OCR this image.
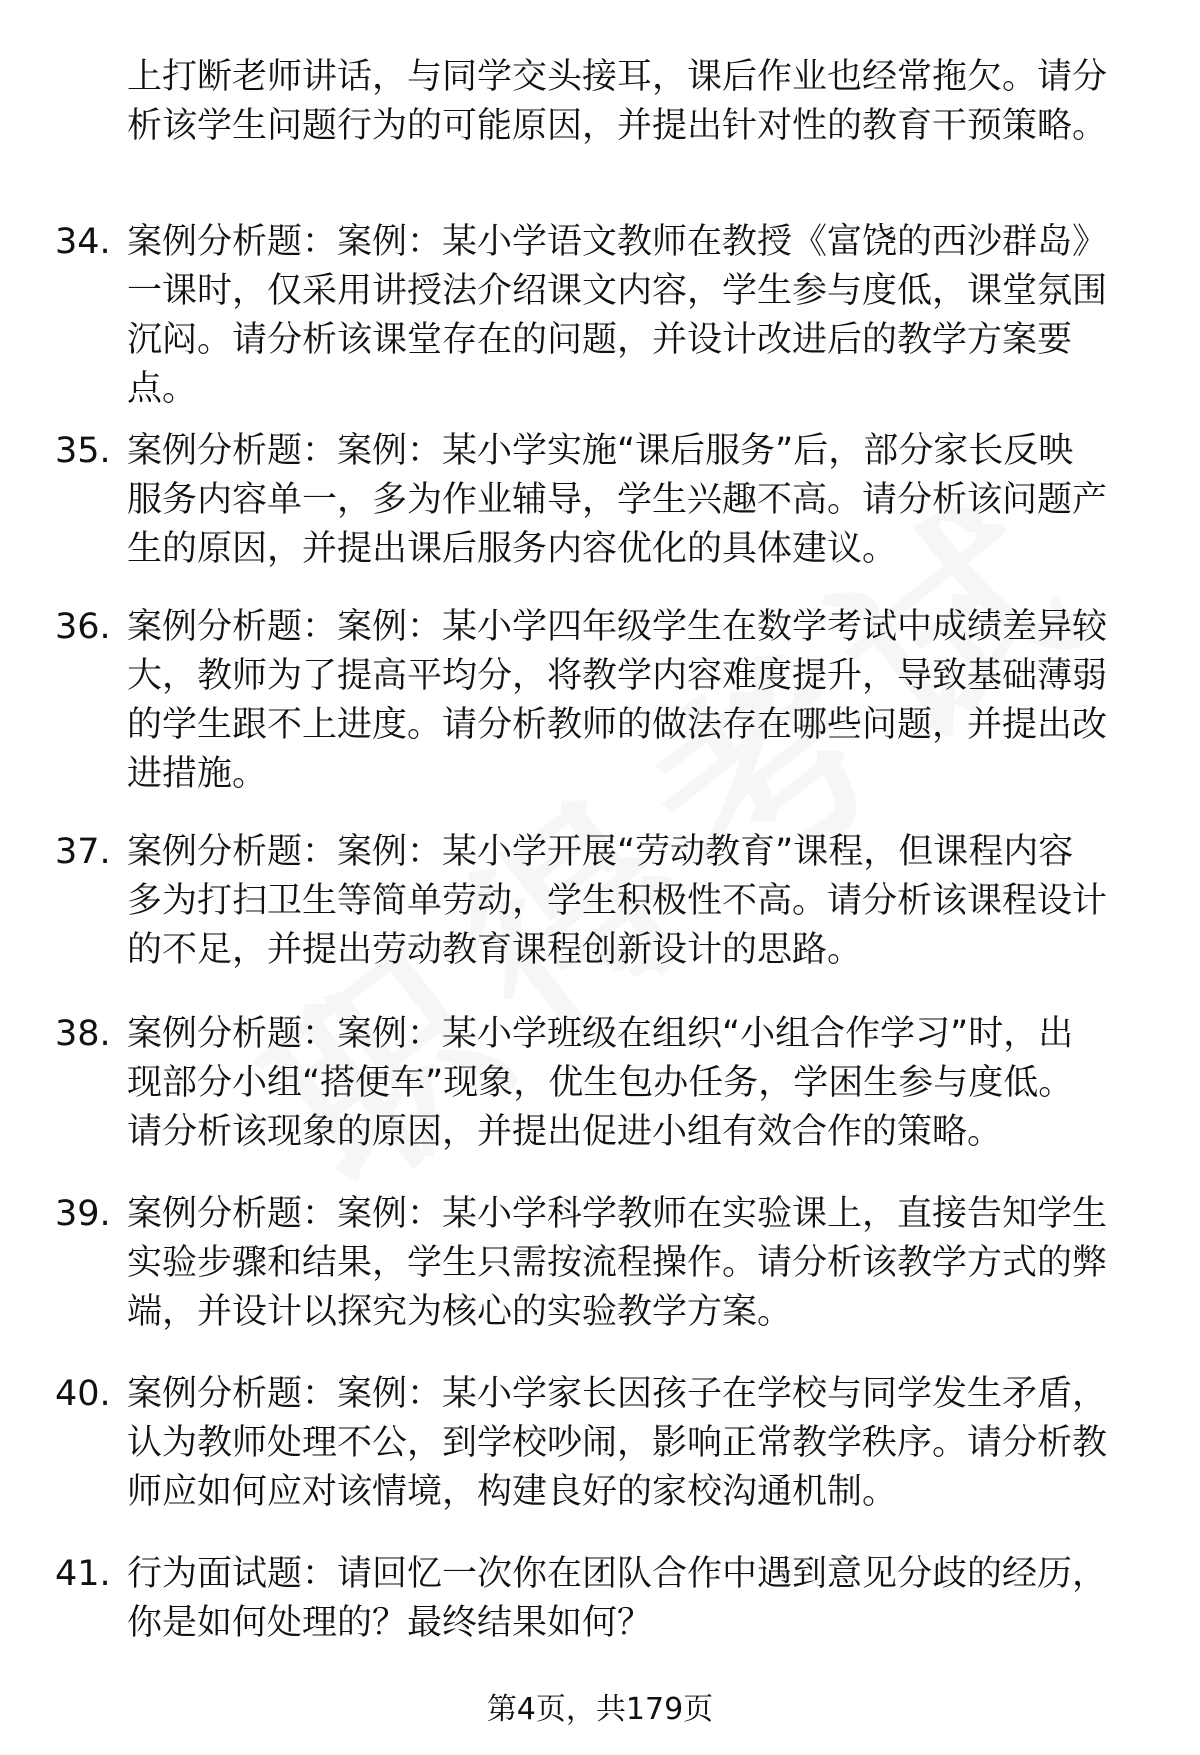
上打断老师讲话，与同学交头接耳，课后作业也经常拖欠。请分
析该学生问题行为的可能原因，并提出针对性的教育干预策略。
34. 案例分析题：案例：某小学语文教师在教授《富饶的西沙群岛》
一课时，仅采用讲授法介绍课文内容，学生参与度低，课堂氛围
沉闷。请分析该课堂存在的问题，并设计改进后的教学方案要
点。
35. 案例分析题：案例：某小学实施“课后服务”后，部分家长反映
服务内容单一，多为作业辅导，学生兴趣不高。请分析该问题产
生的原因，并提出课后服务内容优化的具体建议。
36. 案例分析题：案例：某小学四年级学生在数学考试中成绩差异较
大，教师为了提高平均分，将教学内容难度提升，导致基础薄弱
的学生跟不上进度。请分析教师的做法存在哪些问题，并提出改
进措施。
37. 案例分析题：案例：某小学开展“劳动教育”课程，但课程内容
多为打扫卫生等简单劳动，学生积极性不高。请分析该课程设计
的不足，并提出劳动教育课程创新设计的思路。
38. 案例分析题：案例：某小学班级在组织“小组合作学习”时，出
现部分小组“搭便车”现象，优生包办任务，学困生参与度低。
请分析该现象的原因，并提出促进小组有效合作的策略。
39. 案例分析题：案例：某小学科学教师在实验课上，直接告知学生
实验步骤和结果，学生只需按流程操作。请分析该教学方式的弊
端，并设计以探究为核心的实验教学方案。
40. 案例分析题：案例：某小学家长因孩子在学校与同学发生矛盾，
认为教师处理不公，到学校吵闹，影响正常教学秩序。请分析教
师应如何应对该情境，构建良好的家校沟通机制。
41. 行为面试题：请回忆一次你在团队合作中遇到意见分歧的经历，
你是如何处理的？最终结果如何？
第4页，共179页
